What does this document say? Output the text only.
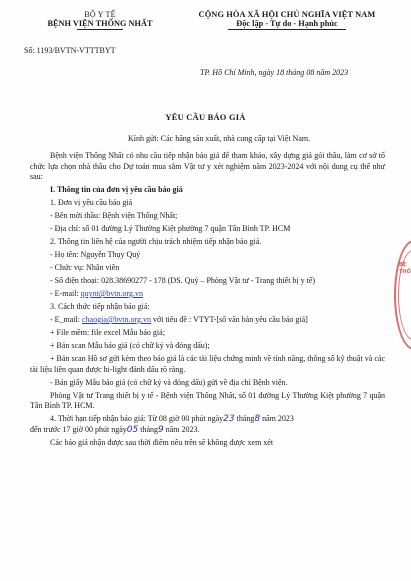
BỘ Y TẾ
BỆNH VIỆN THỐNG NHẤT
Số: 1193/BVTN-VTTTBYT
CỘNG HÒA XÃ HỘI CHỦ NGHĨA VIỆT NAM
Độc lập - Tự do - Hạnh phúc
TP. Hồ Chí Minh, ngày 18 tháng 08 năm 2023
YÊU CẦU BÁO GIÁ
Kính gửi: Các hãng sản xuất, nhà cung cấp tại Việt Nam.

Bệnh viện Thống Nhất có nhu cầu tiếp nhận báo giá để tham khảo, xây dựng giá gói thầu, làm cơ sở tổ chức lựa chọn nhà thầu cho Dự toán mua sắm Vật tư y xét nghiệm năm 2023-2024 với nội dung cụ thể như sau:

I. Thông tin của đơn vị yêu cầu báo giá

1. Đơn vị yêu cầu báo giá

- Bên mời thầu: Bệnh viện Thống Nhất;

- Địa chỉ: số 01 đường Lý Thường Kiệt phường 7 quận Tân Bình TP. HCM

2. Thông tin liên hệ của người chịu trách nhiệm tiếp nhận báo giá.

- Họ tên: Nguyễn Thụy Quý

- Chức vụ: Nhân viên

- Số điện thoại: 028.38690277 - 178 (DS. Quý – Phòng Vật tư - Trang thiết bị y tế)

- E-mail: quynt@bvtn.org.vn

3. Cách thức tiếp nhận báo giá:

- E_mail: chaogia@bvtn.org.vn với tiêu đề : VTYT-[số văn bản yêu cầu báo giá]

+ File mềm: file excel Mẫu báo giá;

+ Bản scan Mẫu báo giá (có chữ ký và đóng dấu);

+ Bản scan Hồ sơ gửi kèm theo báo giá là các tài liệu chứng minh về tính năng, thông số kỹ thuật và các tài liệu liên quan được hi-light đánh dấu rõ ràng.

- Bản giấy Mẫu báo giá (có chữ ký và đóng dấu) gửi về địa chỉ Bệnh viện.

Phòng Vật tư Trang thiết bị y tế - Bệnh viện Thống Nhất, số 01 đường Lý Thường Kiệt phường 7 quận Tân Bình TP. HCM.

4. Thời hạn tiếp nhận báo giá: Từ 08 giờ 00 phút ngày23 tháng8 năm 2023

đến trước 17 giờ 00 phút ngày05 tháng9 năm 2023.

Các báo giá nhận được sau thời điểm nêu trên sẽ không được xem xét

BỆ
THỐ
